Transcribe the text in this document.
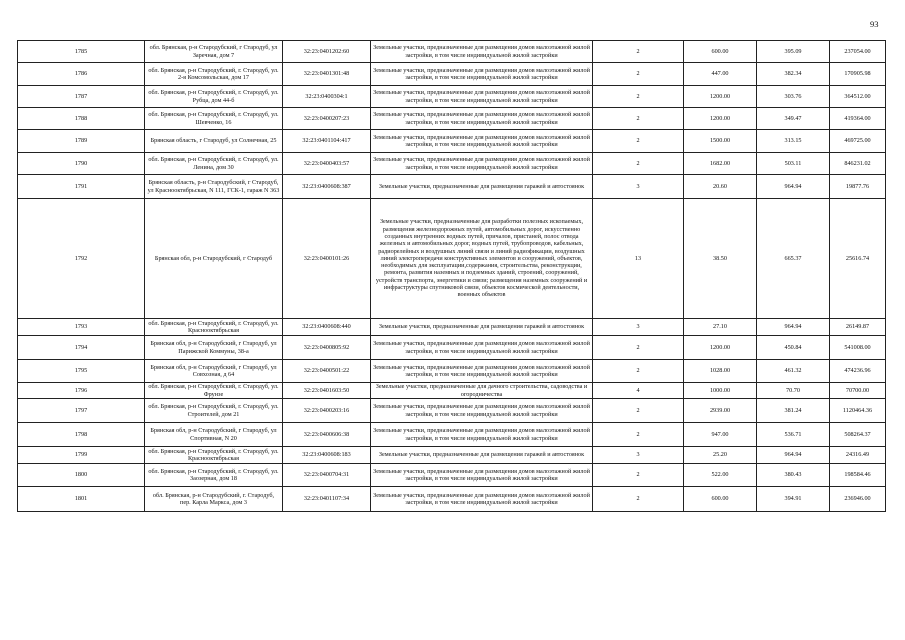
93
1785	обл. Брянская, р-н Стародубский, г Стародуб, ул Заречная, дом 7	32:23:0401202:60	Земельные участки, предназначенные для размещения домов малоэтажной жилой застройки, в том числе индивидуальной жилой застройки	2	600.00	395.09	237054.00
1786	обл. Брянская, р-н Стародубский, г. Стародуб, ул. 2-я Комсомольская, дом 17	32:23:0401301:48	Земельные участки, предназначенные для размещения домов малоэтажной жилой застройки, в том числе индивидуальной жилой застройки	2	447.00	382.34	170905.98
1787	обл. Брянская, р-н Стародубский, г. Стародуб, ул. Рубца, дом 44-б	32:23:0400304:1	Земельные участки, предназначенные для размещения домов малоэтажной жилой застройки, в том числе индивидуальной жилой застройки	2	1200.00	303.76	364512.00
1788	обл. Брянская, р-н Стародубский, г. Стародуб, ул. Шевченко, 16	32:23:0400207:23	Земельные участки, предназначенные для размещения домов малоэтажной жилой застройки, в том числе индивидуальной жилой застройки	2	1200.00	349.47	419364.00
1789	Брянская область, г Стародуб, ул Солнечная, 25	32:23:0401104:417	Земельные участки, предназначенные для размещения домов малоэтажной жилой застройки, в том числе индивидуальной жилой застройки	2	1500.00	313.15	469725.00
1790	обл. Брянская, р-н Стародубский, г. Стародуб, ул. Ленина, дом 30	32:23:0400403:57	Земельные участки, предназначенные для размещения домов малоэтажной жилой застройки, в том числе индивидуальной жилой застройки	2	1682.00	503.11	846231.02
1791	Брянская область, р-н Стародубский, г Стародуб, ул Краснооктябрьская, N 111, ГСК-1, гараж N 363	32:23:0400608:387	Земельные участки, предназначенные для размещения гаражей и автостоянок	3	20.60	964.94	19877.76
1792	Брянская обл, р-н Стародубский, г Стародуб	32:23:0400101:26	Земельные участки, предназначенные для разработки полезных ископаемых, размещения железнодорожных путей, автомобильных дорог, искусственно созданных внутренних водных путей, причалов, пристаней, полос отвода железных и автомобильных дорог, водных путей, трубопроводов, кабельных, радиорелейных и воздушных линий связи и линий радиофикации, воздушных линий электропередачи конструктивных элементов и сооружений, объектов, необходимых для эксплуатации,содержания, строительства, реконструкции, ремонта, развития наземных и подземных зданий, строений, сооружений, устройств транспорта, энергетики и связи; размещения наземных сооружений и инфраструктуры спутниковой связи, объектов космической деятельности, военных объектов	13	38.50	665.37	25616.74
1793	обл. Брянская, р-н Стародубский, г. Стародуб, ул. Краснооктябрьская	32:23:0400608:440	Земельные участки, предназначенные для размещения гаражей и автостоянок	3	27.10	964.94	26149.87
1794	Брянская обл, р-н Стародубский, г Стародуб, ул Парижской Коммуны, 38-а	32:23:0400805:92	Земельные участки, предназначенные для размещения домов малоэтажной жилой застройки, в том числе индивидуальной жилой застройки	2	1200.00	450.84	541008.00
1795	Брянская обл, р-н Стародубский, г Стародуб, ул Совхозная, д 64	32:23:0400501:22	Земельные участки, предназначенные для размещения домов малоэтажной жилой застройки, в том числе индивидуальной жилой застройки	2	1028.00	461.32	474236.96
1796	обл. Брянская, р-н Стародубский, г. Стародуб, ул. Фрунзе	32:23:0401603:50	Земельные участки, предназначенные для дачного строительства, садоводства и огородничества	4	1000.00	70.70	70700.00
1797	обл. Брянская, р-н Стародубский, г. Стародуб, ул. Строителей, дом 21	32:23:0400203:16	Земельные участки, предназначенные для размещения домов малоэтажной жилой застройки, в том числе индивидуальной жилой застройки	2	2939.00	381.24	1120464.36
1798	Брянская обл, р-н Стародубский, г Стародуб, ул Спортивная, N 20	32:23:0400606:38	Земельные участки, предназначенные для размещения домов малоэтажной жилой застройки, в том числе индивидуальной жилой застройки	2	947.00	536.71	508264.37
1799	обл. Брянская, р-н Стародубский, г. Стародуб, ул. Краснооктябрьская	32:23:0400608:183	Земельные участки, предназначенные для размещения гаражей и автостоянок	3	25.20	964.94	24316.49
1800	обл. Брянская, р-н Стародубский, г. Стародуб, ул. Заозерная, дом 18	32:23:0400704:31	Земельные участки, предназначенные для размещения домов малоэтажной жилой застройки, в том числе индивидуальной жилой застройки	2	522.00	380.43	198584.46
1801	обл. Брянская, р-н Стародубский, г. Стародуб, пер. Карла Маркса, дом 3	32:23:0401107:34	Земельные участки, предназначенные для размещения домов малоэтажной жилой застройки, в том числе индивидуальной жилой застройки	2	600.00	394.91	236946.00
